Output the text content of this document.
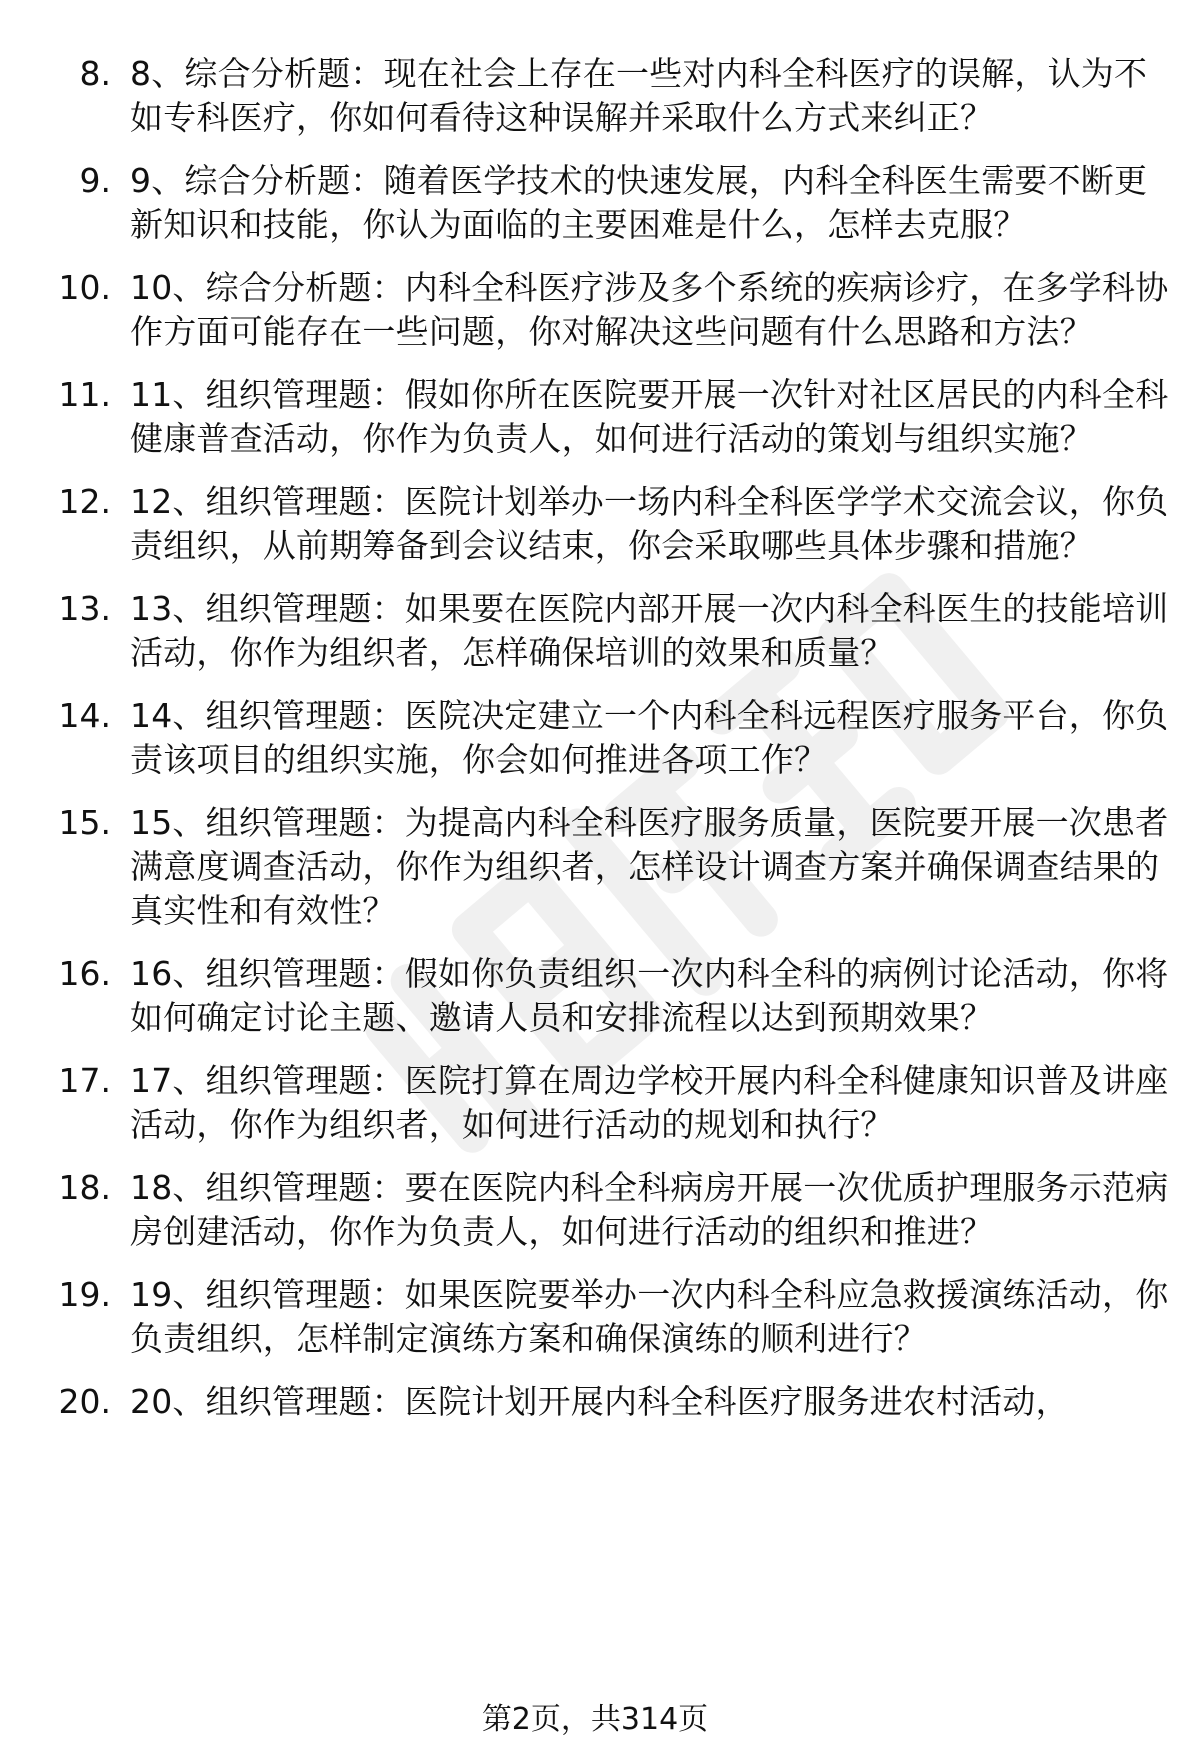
8. 8、综合分析题：现在社会上存在一些对内科全科医疗的误解，认为不如专科医疗，你如何看待这种误解并采取什么方式来纠正？
9. 9、综合分析题：随着医学技术的快速发展，内科全科医生需要不断更新知识和技能，你认为面临的主要困难是什么，怎样去克服？
10. 10、综合分析题：内科全科医疗涉及多个系统的疾病诊疗，在多学科协作方面可能存在一些问题，你对解决这些问题有什么思路和方法？
11. 11、组织管理题：假如你所在医院要开展一次针对社区居民的内科全科健康普查活动，你作为负责人，如何进行活动的策划与组织实施？
12. 12、组织管理题：医院计划举办一场内科全科医学学术交流会议，你负责组织，从前期筹备到会议结束，你会采取哪些具体步骤和措施？
13. 13、组织管理题：如果要在医院内部开展一次内科全科医生的技能培训活动，你作为组织者，怎样确保培训的效果和质量？
14. 14、组织管理题：医院决定建立一个内科全科远程医疗服务平台，你负责该项目的组织实施，你会如何推进各项工作？
15. 15、组织管理题：为提高内科全科医疗服务质量，医院要开展一次患者满意度调查活动，你作为组织者，怎样设计调查方案并确保调查结果的真实性和有效性？
16. 16、组织管理题：假如你负责组织一次内科全科的病例讨论活动，你将如何确定讨论主题、邀请人员和安排流程以达到预期效果？
17. 17、组织管理题：医院打算在周边学校开展内科全科健康知识普及讲座活动，你作为组织者，如何进行活动的规划和执行？
18. 18、组织管理题：要在医院内科全科病房开展一次优质护理服务示范病房创建活动，你作为负责人，如何进行活动的组织和推进？
19. 19、组织管理题：如果医院要举办一次内科全科应急救援演练活动，你负责组织，怎样制定演练方案和确保演练的顺利进行？
20. 20、组织管理题：医院计划开展内科全科医疗服务进农村活动，
第2页，共314页
